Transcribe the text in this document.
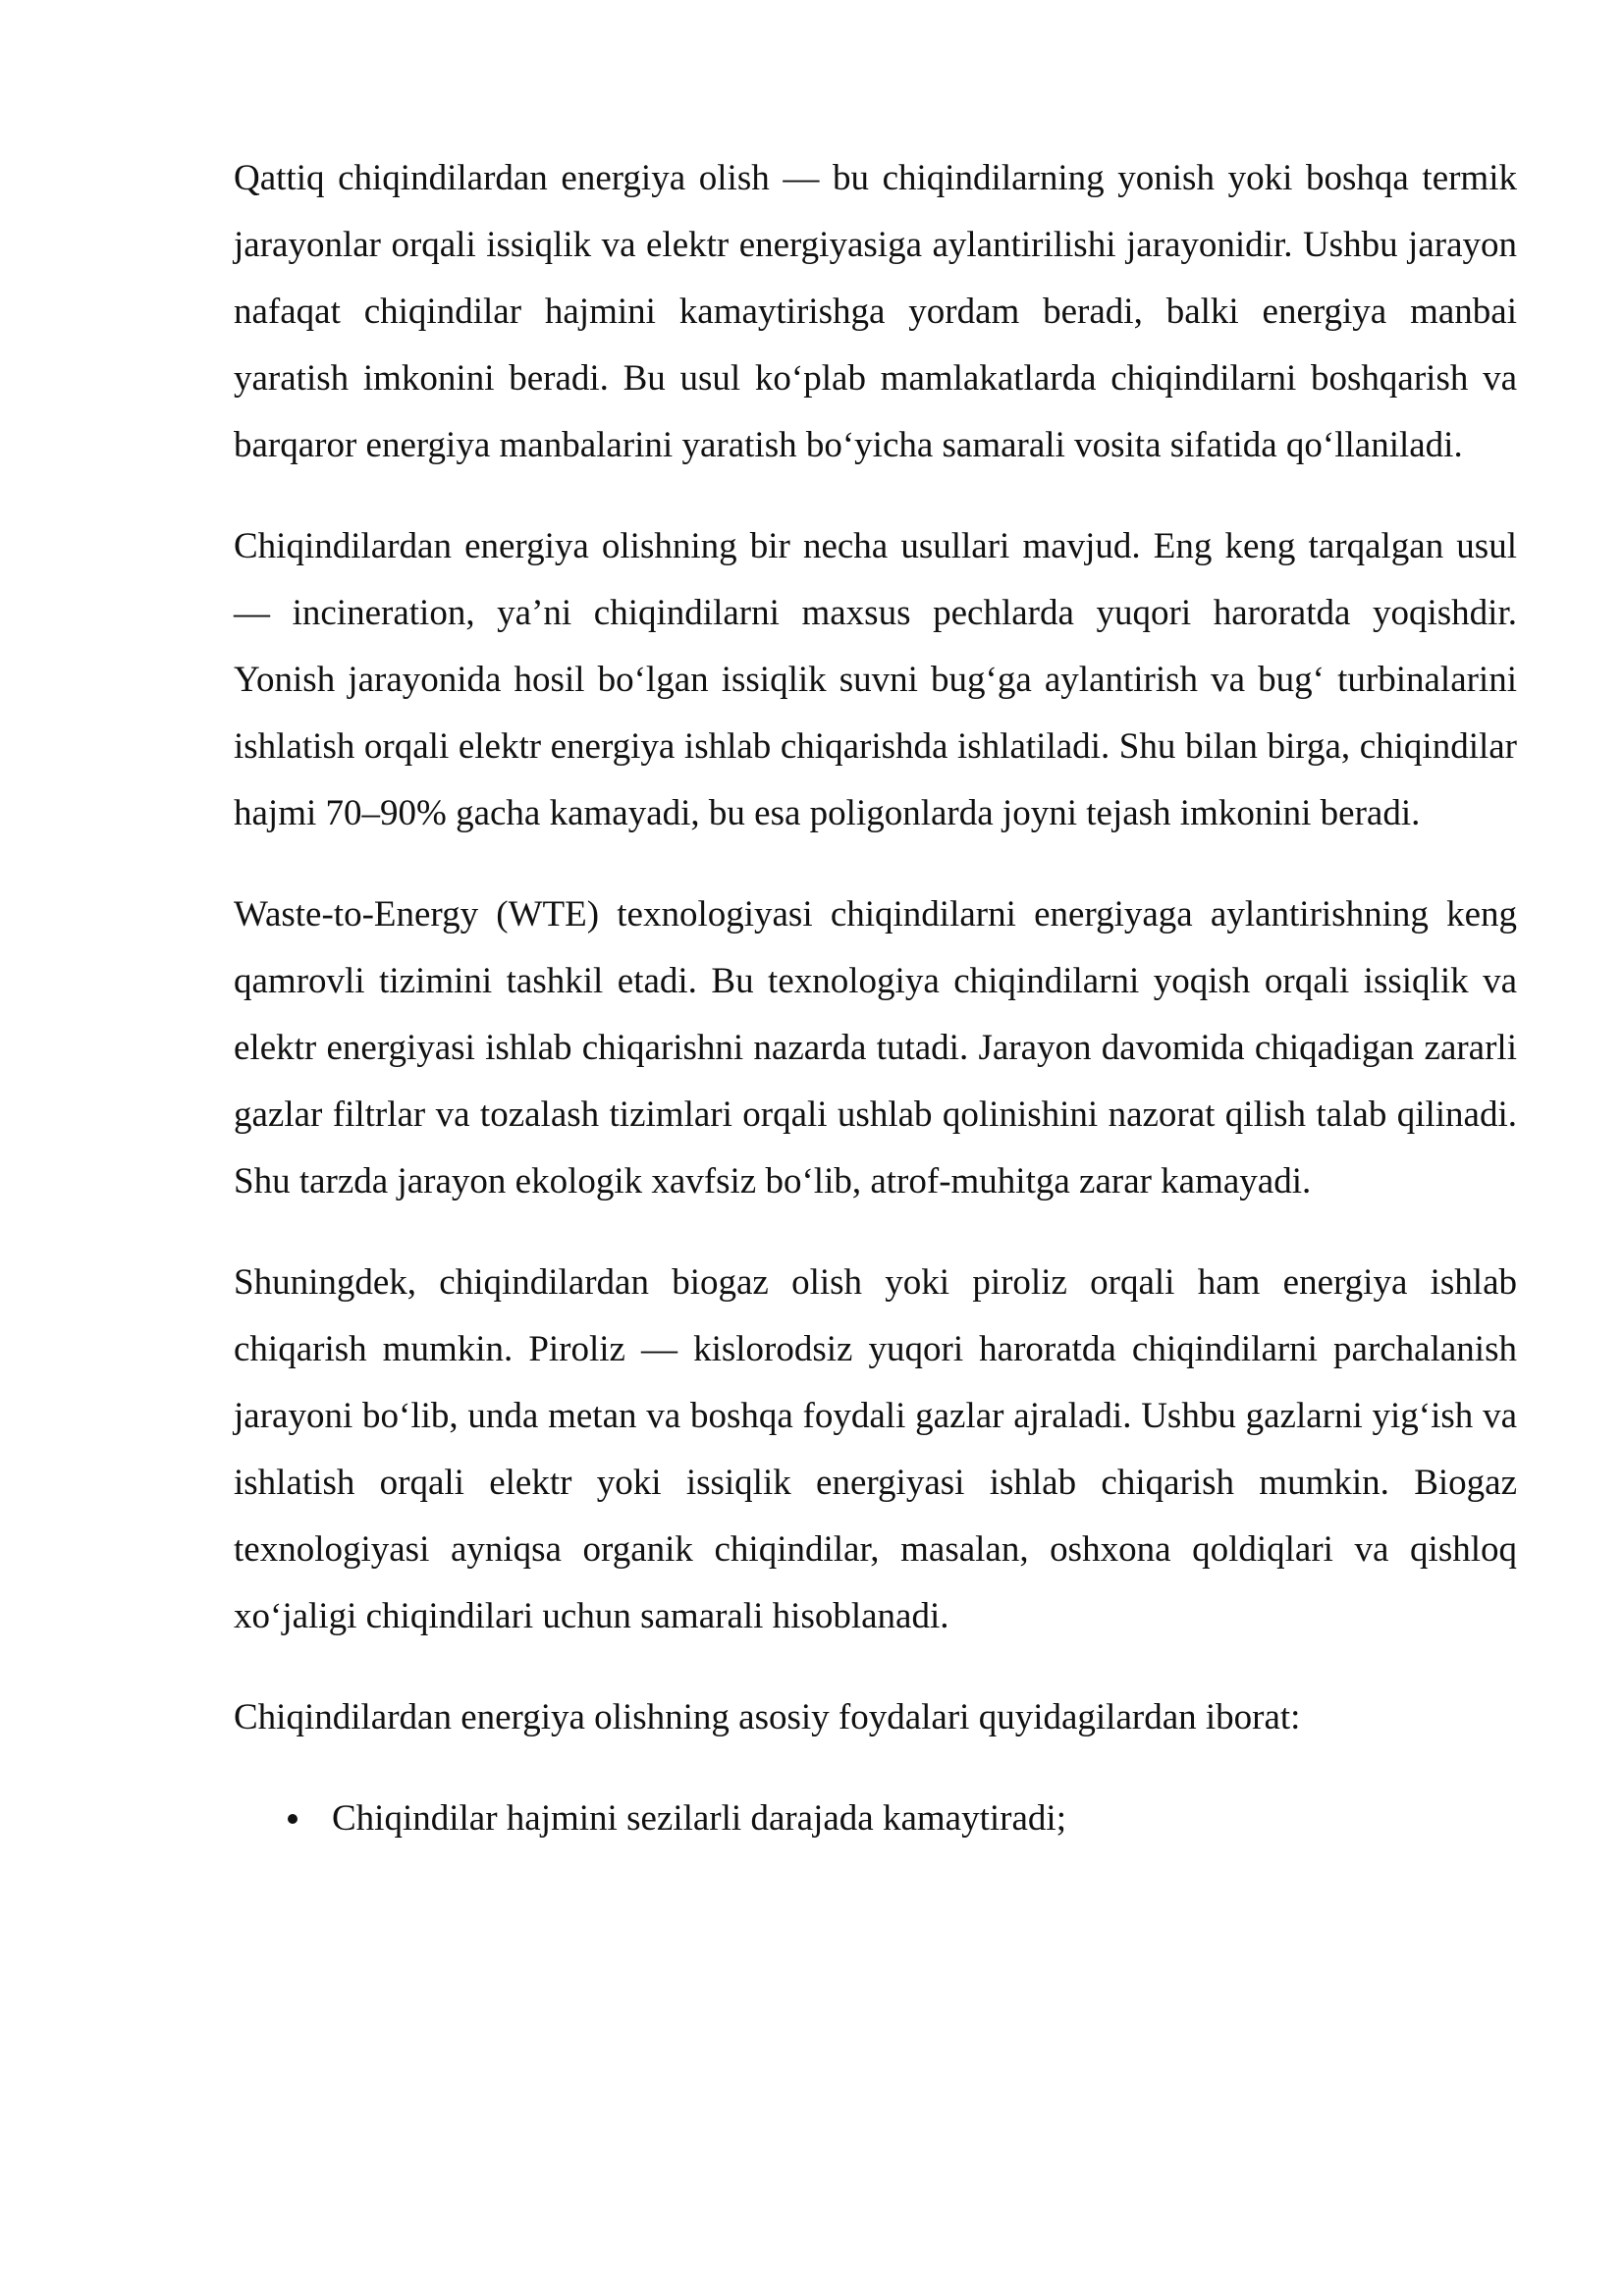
Qattiq chiqindilardan energiya olish — bu chiqindilarning yonish yoki boshqa termik jarayonlar orqali issiqlik va elektr energiyasiga aylantirilishi jarayonidir. Ushbu jarayon nafaqat chiqindilar hajmini kamaytirishga yordam beradi, balki energiya manbai yaratish imkonini beradi. Bu usul ko‘plab mamlakatlarda chiqindilarni boshqarish va barqaror energiya manbalarini yaratish bo‘yicha samarali vosita sifatida qo‘llaniladi.

Chiqindilardan energiya olishning bir necha usullari mavjud. Eng keng tarqalgan usul — incineration, ya’ni chiqindilarni maxsus pechlarda yuqori haroratda yoqishdir. Yonish jarayonida hosil bo‘lgan issiqlik suvni bug‘ga aylantirish va bug‘ turbinalarini ishlatish orqali elektr energiya ishlab chiqarishda ishlatiladi. Shu bilan birga, chiqindilar hajmi 70–90% gacha kamayadi, bu esa poligonlarda joyni tejash imkonini beradi.

Waste-to-Energy (WTE) texnologiyasi chiqindilarni energiyaga aylantirishning keng qamrovli tizimini tashkil etadi. Bu texnologiya chiqindilarni yoqish orqali issiqlik va elektr energiyasi ishlab chiqarishni nazarda tutadi. Jarayon davomida chiqadigan zararli gazlar filtrlar va tozalash tizimlari orqali ushlab qolinishini nazorat qilish talab qilinadi. Shu tarzda jarayon ekologik xavfsiz bo‘lib, atrof-muhitga zarar kamayadi.

Shuningdek, chiqindilardan biogaz olish yoki piroliz orqali ham energiya ishlab chiqarish mumkin. Piroliz — kislorodsiz yuqori haroratda chiqindilarni parchalanish jarayoni bo‘lib, unda metan va boshqa foydali gazlar ajraladi. Ushbu gazlarni yig‘ish va ishlatish orqali elektr yoki issiqlik energiyasi ishlab chiqarish mumkin. Biogaz texnologiyasi ayniqsa organik chiqindilar, masalan, oshxona qoldiqlari va qishloq xo‘jaligi chiqindilari uchun samarali hisoblanadi.

Chiqindilardan energiya olishning asosiy foydalari quyidagilardan iborat:

Chiqindilar hajmini sezilarli darajada kamaytiradi;
